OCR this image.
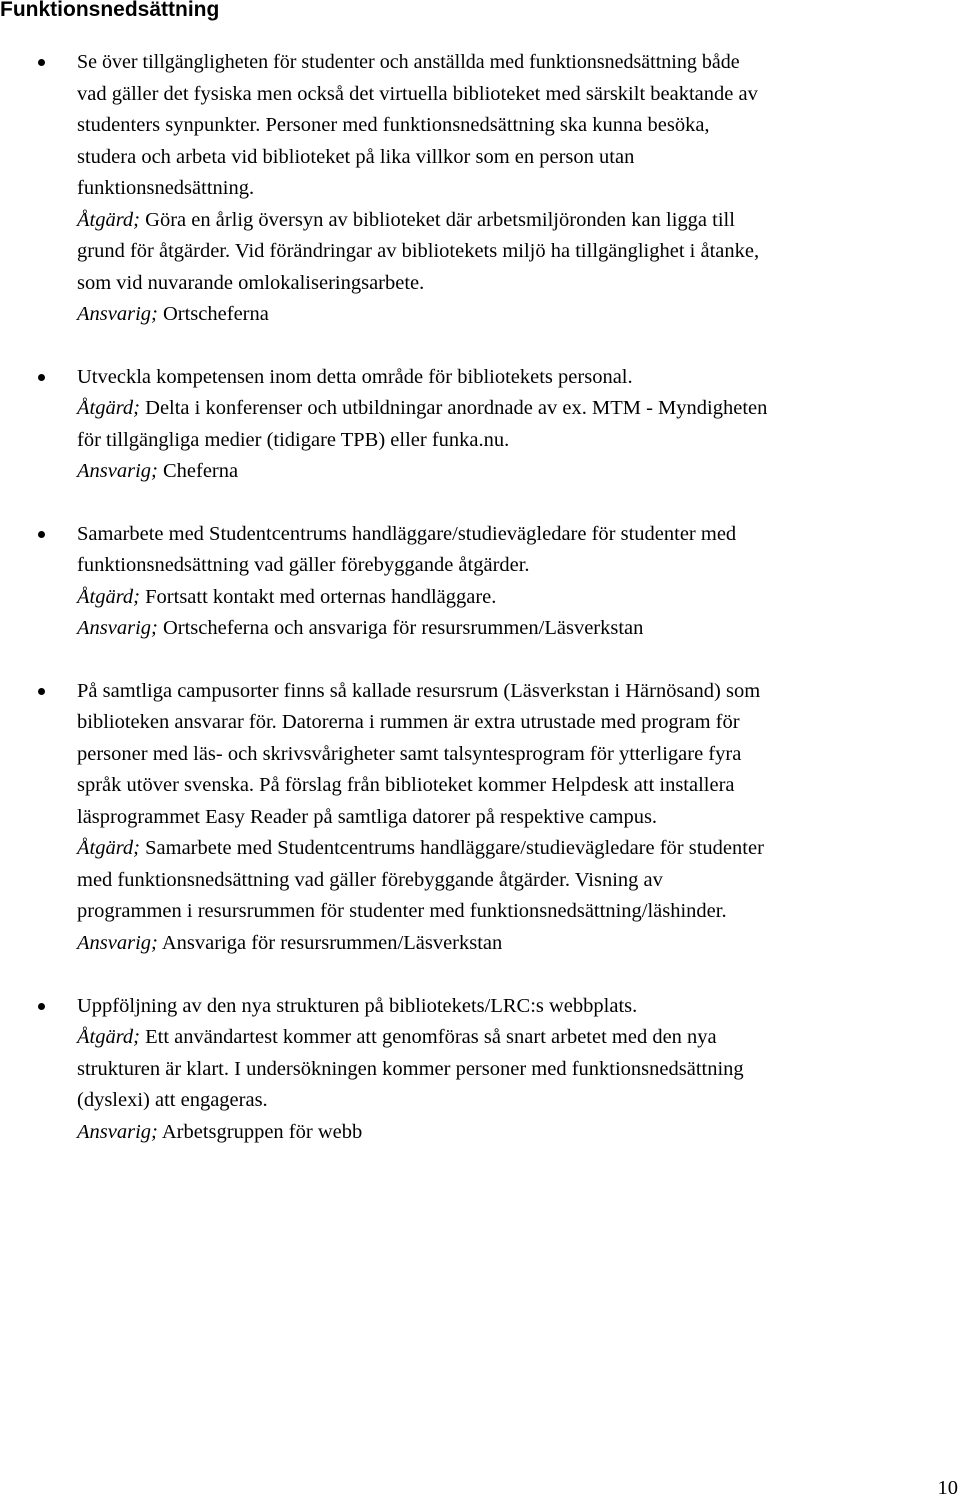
Funktionsnedsättning
Se över tillgängligheten för studenter och anställda med funktionsnedsättning både
vad gäller det fysiska men också det virtuella biblioteket med särskilt beaktande av
studenters synpunkter. Personer med funktionsnedsättning ska kunna besöka,
studera och arbeta vid biblioteket på lika villkor som en person utan
funktionsnedsättning.
Åtgärd; Göra en årlig översyn av biblioteket där arbetsmiljöronden kan ligga till
grund för åtgärder. Vid förändringar av bibliotekets miljö ha tillgänglighet i åtanke,
som vid nuvarande omlokaliseringsarbete.
Ansvarig; Ortscheferna
Utveckla kompetensen inom detta område för bibliotekets personal.
Åtgärd; Delta i konferenser och utbildningar anordnade av ex. MTM - Myndigheten
för tillgängliga medier (tidigare TPB) eller funka.nu.
Ansvarig; Cheferna
Samarbete med Studentcentrums handläggare/studievägledare för studenter med
funktionsnedsättning vad gäller förebyggande åtgärder.
Åtgärd; Fortsatt kontakt med orternas handläggare.
Ansvarig; Ortscheferna och ansvariga för resursrummen/Läsverkstan
På samtliga campusorter finns så kallade resursrum (Läsverkstan i Härnösand) som
biblioteken ansvarar för. Datorerna i rummen är extra utrustade med program för
personer med läs- och skrivsvårigheter samt talsyntesprogram för ytterligare fyra
språk utöver svenska. På förslag från biblioteket kommer Helpdesk att installera
läsprogrammet Easy Reader på samtliga datorer på respektive campus.
Åtgärd; Samarbete med Studentcentrums handläggare/studievägledare för studenter
med funktionsnedsättning vad gäller förebyggande åtgärder. Visning av
programmen i resursrummen för studenter med funktionsnedsättning/läshinder.
Ansvarig; Ansvariga för resursrummen/Läsverkstan
Uppföljning av den nya strukturen på bibliotekets/LRC:s webbplats.
Åtgärd; Ett användartest kommer att genomföras så snart arbetet med den nya
strukturen är klart. I undersökningen kommer personer med funktionsnedsättning
(dyslexi) att engageras.
Ansvarig; Arbetsgruppen för webb
10
